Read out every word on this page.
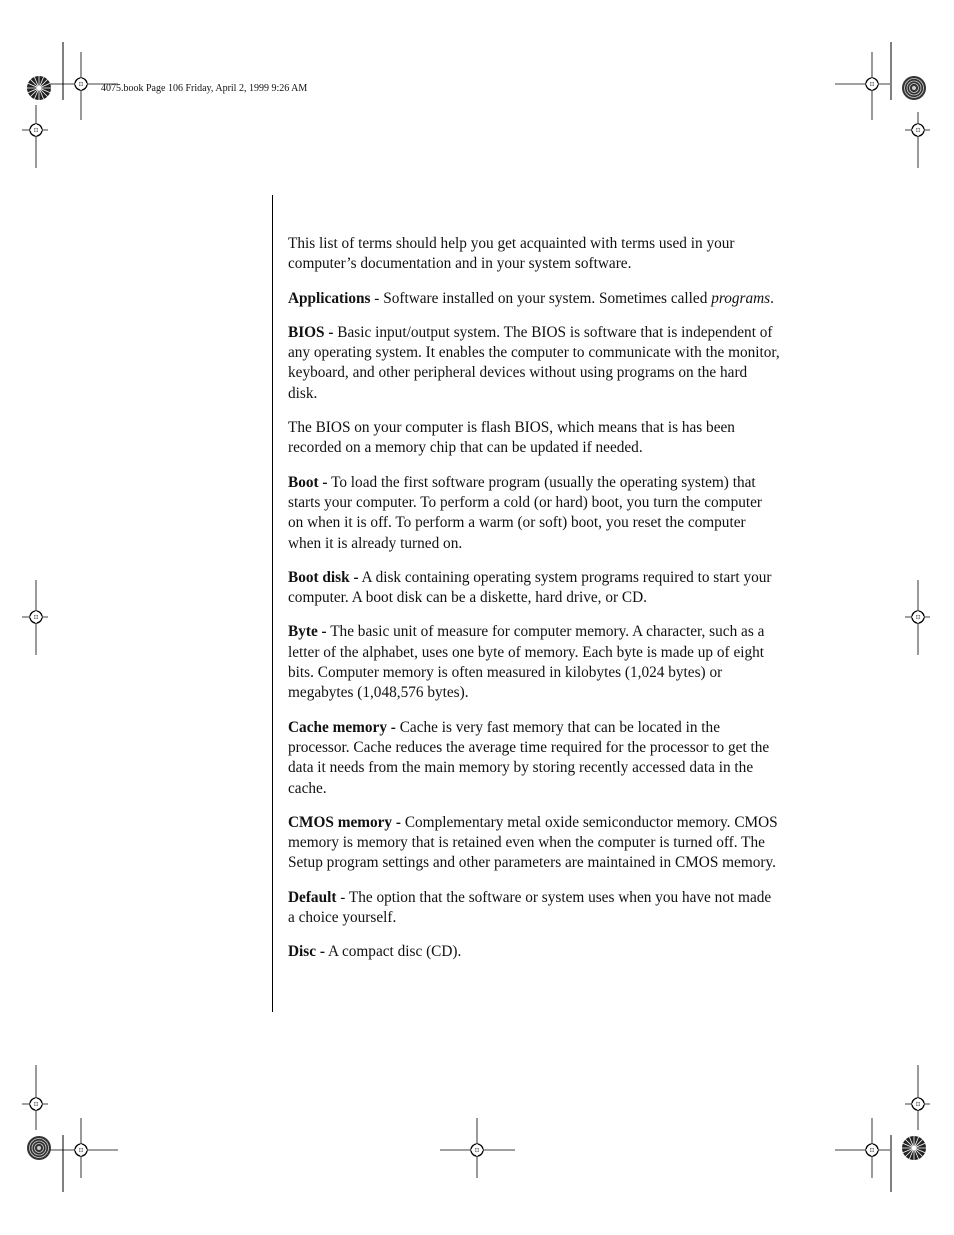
4075.book Page 106 Friday, April 2, 1999 9:26 AM

This list of terms should help you get acquainted with terms used in your computer’s documentation and in your system software.

Applications - Software installed on your system. Sometimes called programs.

BIOS - Basic input/output system. The BIOS is software that is independent of any operating system. It enables the computer to communicate with the monitor, keyboard, and other peripheral devices without using programs on the hard disk.

The BIOS on your computer is flash BIOS, which means that is has been recorded on a memory chip that can be updated if needed.

Boot - To load the first software program (usually the operating system) that starts your computer. To perform a cold (or hard) boot, you turn the computer on when it is off. To perform a warm (or soft) boot, you reset the computer when it is already turned on.

Boot disk - A disk containing operating system programs required to start your computer. A boot disk can be a diskette, hard drive, or CD.

Byte - The basic unit of measure for computer memory. A character, such as a letter of the alphabet, uses one byte of memory. Each byte is made up of eight bits. Computer memory is often measured in kilobytes (1,024 bytes) or megabytes (1,048,576 bytes).

Cache memory - Cache is very fast memory that can be located in the processor. Cache reduces the average time required for the processor to get the data it needs from the main memory by storing recently accessed data in the cache.

CMOS memory - Complementary metal oxide semiconductor memory. CMOS memory is memory that is retained even when the computer is turned off. The Setup program settings and other parameters are maintained in CMOS memory.

Default - The option that the software or system uses when you have not made a choice yourself.

Disc - A compact disc (CD).
